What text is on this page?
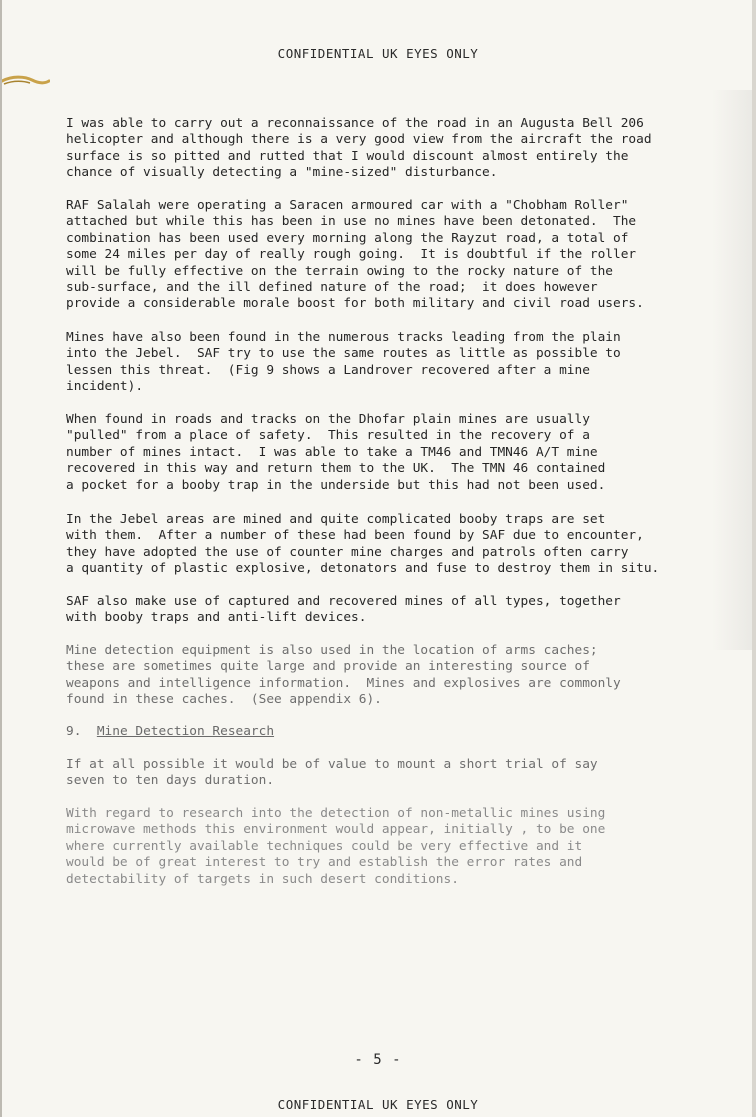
CONFIDENTIAL UK EYES ONLY
I was able to carry out a reconnaissance of the road in an Augusta Bell 206
helicopter and although there is a very good view from the aircraft the road
surface is so pitted and rutted that I would discount almost entirely the
chance of visually detecting a "mine-sized" disturbance.
RAF Salalah were operating a Saracen armoured car with a "Chobham Roller"
attached but while this has been in use no mines have been detonated.  The
combination has been used every morning along the Rayzut road, a total of
some 24 miles per day of really rough going.  It is doubtful if the roller
will be fully effective on the terrain owing to the rocky nature of the
sub-surface, and the ill defined nature of the road;  it does however
provide a considerable morale boost for both military and civil road users.
Mines have also been found in the numerous tracks leading from the plain
into the Jebel.  SAF try to use the same routes as little as possible to
lessen this threat.  (Fig 9 shows a Landrover recovered after a mine
incident).
When found in roads and tracks on the Dhofar plain mines are usually
"pulled" from a place of safety.  This resulted in the recovery of a
number of mines intact.  I was able to take a TM46 and TMN46 A/T mine
recovered in this way and return them to the UK.  The TMN 46 contained
a pocket for a booby trap in the underside but this had not been used.
In the Jebel areas are mined and quite complicated booby traps are set
with them.  After a number of these had been found by SAF due to encounter,
they have adopted the use of counter mine charges and patrols often carry
a quantity of plastic explosive, detonators and fuse to destroy them in situ.
SAF also make use of captured and recovered mines of all types, together
with booby traps and anti-lift devices.
Mine detection equipment is also used in the location of arms caches;
these are sometimes quite large and provide an interesting source of
weapons and intelligence information.  Mines and explosives are commonly
found in these caches.  (See appendix 6).
9. Mine Detection Research
If at all possible it would be of value to mount a short trial of say
seven to ten days duration.
With regard to research into the detection of non-metallic mines using
microwave methods this environment would appear, initially , to be one
where currently available techniques could be very effective and it
would be of great interest to try and establish the error rates and
detectability of targets in such desert conditions.
- 5 -
CONFIDENTIAL UK EYES ONLY
